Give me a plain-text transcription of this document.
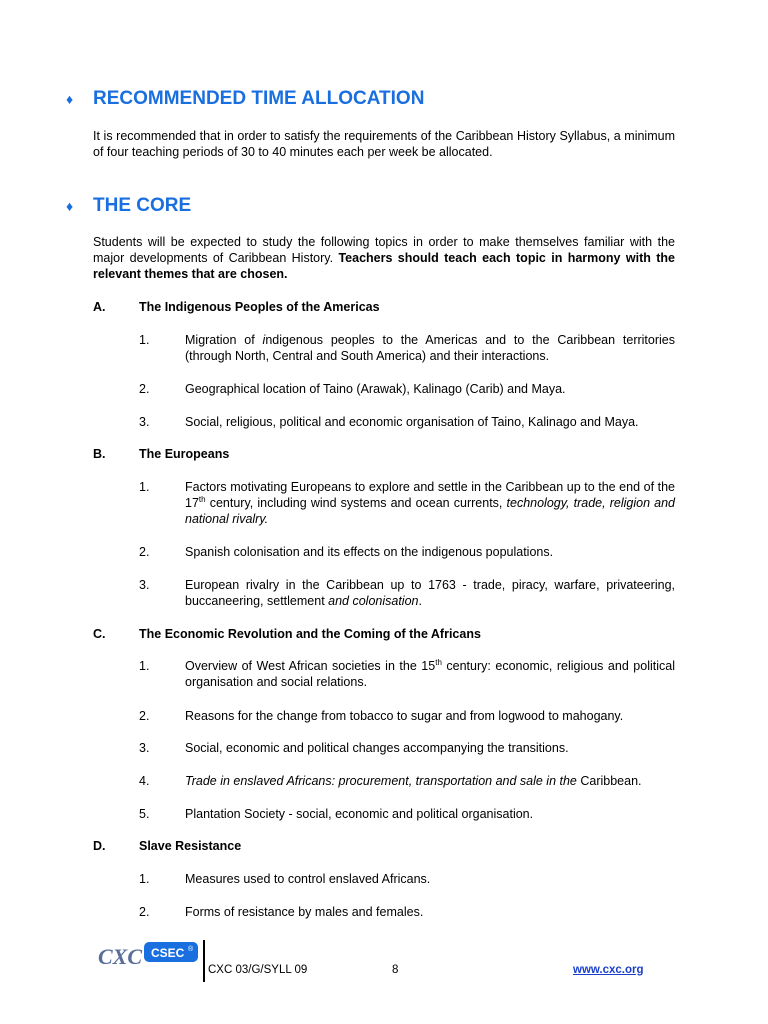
♦	RECOMMENDED TIME ALLOCATION
It is recommended that in order to satisfy the requirements of the Caribbean History Syllabus, a minimum of four teaching periods of 30 to 40 minutes each per week be allocated.
♦	THE CORE
Students will be expected to study the following topics in order to make themselves familiar with the major developments of Caribbean History. Teachers should teach each topic in harmony with the relevant themes that are chosen.
A.	The Indigenous Peoples of the Americas
1.	Migration of indigenous peoples to the Americas and to the Caribbean territories (through North, Central and South America) and their interactions.
2.	Geographical location of Taino (Arawak), Kalinago (Carib) and Maya.
3.	Social, religious, political and economic organisation of Taino, Kalinago and Maya.
B.	The Europeans
1.	Factors motivating Europeans to explore and settle in the Caribbean up to the end of the 17th century, including wind systems and ocean currents, technology, trade, religion and national rivalry.
2.	Spanish colonisation and its effects on the indigenous populations.
3.	European rivalry in the Caribbean up to 1763 - trade, piracy, warfare, privateering, buccaneering, settlement and colonisation.
C.	The Economic Revolution and the Coming of the Africans
1.	Overview of West African societies in the 15th century: economic, religious and political organisation and social relations.
2.	Reasons for the change from tobacco to sugar and from logwood to mahogany.
3.	Social, economic and political changes accompanying the transitions.
4.	Trade in enslaved Africans: procurement, transportation and sale in the Caribbean.
5.	Plantation Society - social, economic and political organisation.
D.	Slave Resistance
1.	Measures used to control enslaved Africans.
2.	Forms of resistance by males and females.
CXC CSEC ®
CXC 03/G/SYLL 09	8	www.cxc.org
